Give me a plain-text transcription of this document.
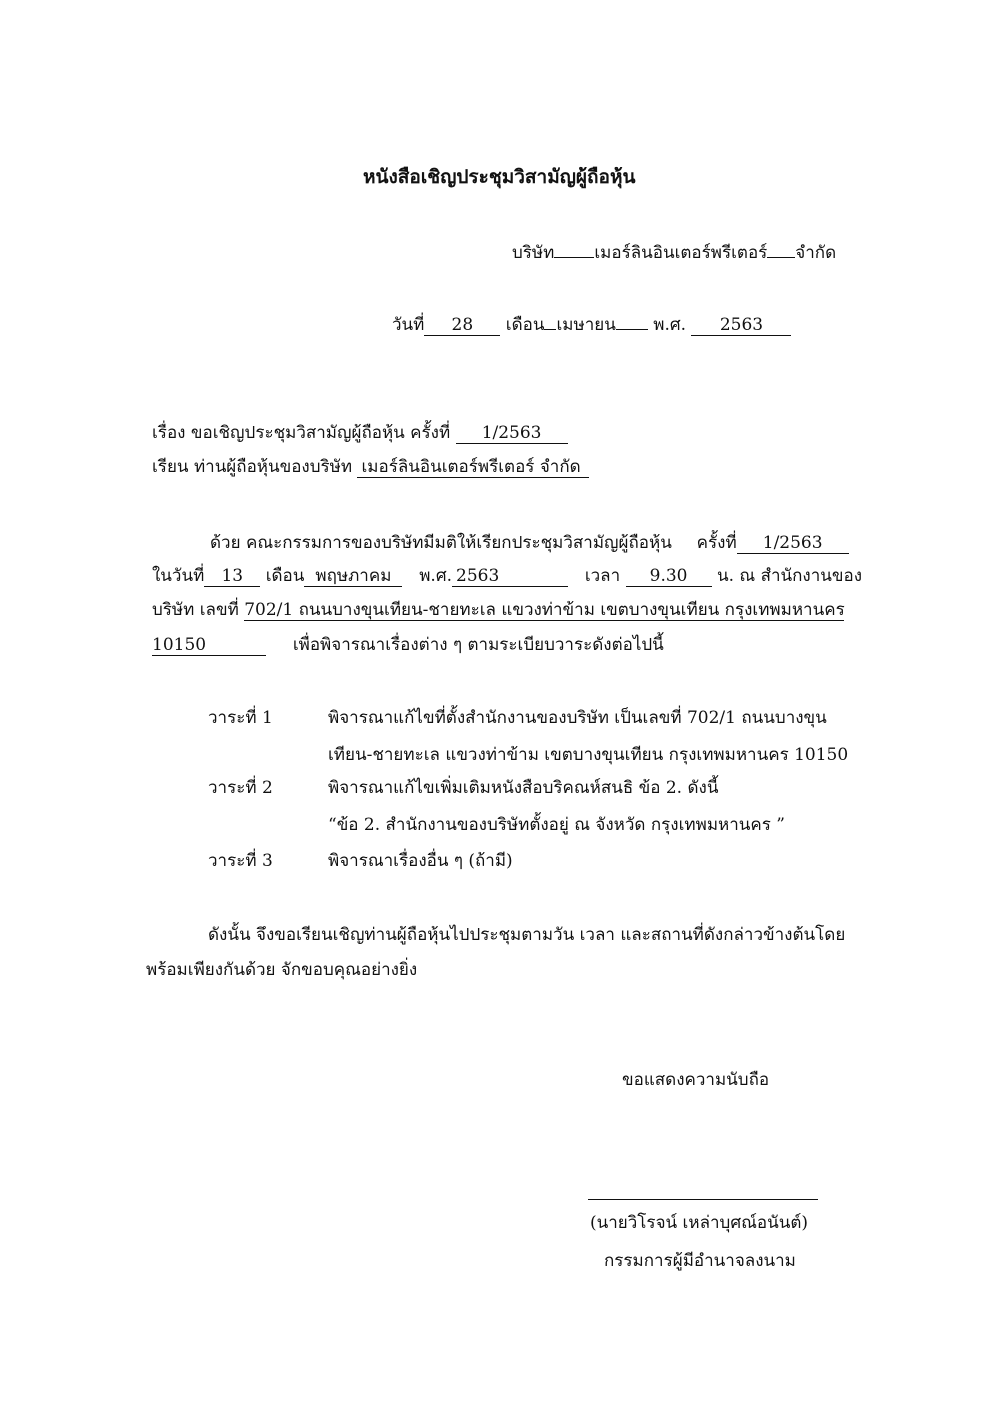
หนังสือเชิญประชุมวิสามัญผู้ถือหุ้น
บริษัท เมอร์ลินอินเตอร์พรีเตอร์ จำกัด
วันที่ 28 เดือน เมษายน พ.ศ. 2563
เรื่อง ขอเชิญประชุมวิสามัญผู้ถือหุ้น ครั้งที่ 1/2563
เรียน ท่านผู้ถือหุ้นของบริษัท เมอร์ลินอินเตอร์พรีเตอร์ จำกัด
ด้วย คณะกรรมการของบริษัทมีมติให้เรียกประชุมวิสามัญผู้ถือหุ้น ครั้งที่ 1/2563
ในวันที่ 13 เดือน พฤษภาคม พ.ศ. 2563	เวลา 9.30 น. ณ สำนักงานของ
บริษัท เลขที่ 702/1 ถนนบางขุนเทียน-ชายทะเล แขวงท่าข้าม เขตบางขุนเทียน กรุงเทพมหานคร
10150	เพื่อพิจารณาเรื่องต่าง ๆ ตามระเบียบวาระดังต่อไปนี้
วาระที่ 1	พิจารณาแก้ไขที่ตั้งสำนักงานของบริษัท เป็นเลขที่ 702/1 ถนนบางขุน
เทียน-ชายทะเล แขวงท่าข้าม เขตบางขุนเทียน กรุงเทพมหานคร 10150
วาระที่ 2	พิจารณาแก้ไขเพิ่มเติมหนังสือบริคณห์สนธิ ข้อ 2. ดังนี้
“ข้อ 2. สำนักงานของบริษัทตั้งอยู่ ณ จังหวัด กรุงเทพมหานคร ”
วาระที่ 3	พิจารณาเรื่องอื่น ๆ (ถ้ามี)
ดังนั้น จึงขอเรียนเชิญท่านผู้ถือหุ้นไปประชุมตามวัน เวลา และสถานที่ดังกล่าวข้างต้นโดย
พร้อมเพียงกันด้วย จักขอบคุณอย่างยิ่ง
ขอแสดงความนับถือ
(นายวิโรจน์ เหล่าบุศณ์อนันต์)
กรรมการผู้มีอำนาจลงนาม
